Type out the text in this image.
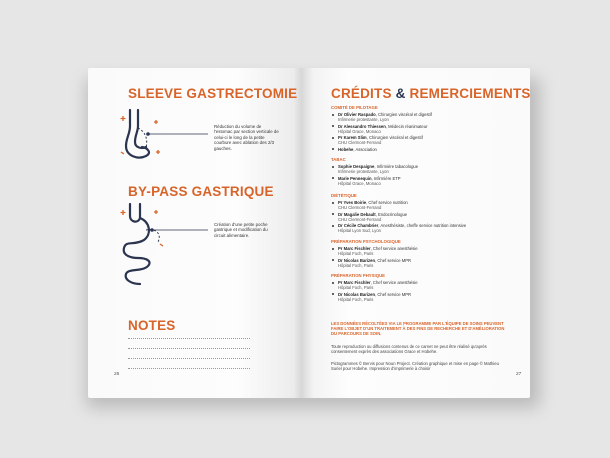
SLEEVE GASTRECTOMIE
Réduction du volume de l'estomac par section verticale de celui-ci le long de la petite courbure avec ablation des 2/3 gauches.
BY-PASS GASTRIQUE
Création d'une petite poche gastrique et modification du circuit alimentaire.
NOTES
26
CRÉDITS & REMERCIEMENTS
COMITÉ DE PILOTAGE
Dr Olivier Raspado, Chirurgien viscéral et digestif
Infirmerie protestante, Lyon
Dr Alessandro Thiessen, Médecin réanimateur
Hôpital Grace, Monaco
Pr Karem Slim, Chirurgien viscéral et digestif
CHU Clermont-Ferrand
Hobehe, Association
TABAC
Sophie Despaigne, Infirmière tabacologue
Infirmerie protestante, Lyon
Marie Pennequin, Infirmière ETP
Hôpital Grace, Monaco
DIÉTÉTIQUE
Pr Yves Boirie, Chef service nutrition
CHU Clermont-Ferrand
Dr Magalie Debault, Endocrinologue
CHU Clermont-Ferrand
Dr Cécile Chambrier, Anesthésiste, cheffe service nutrition intensive
Hôpital Lyon Sud, Lyon
PRÉPARATION PSYCHOLOGIQUE
Pr Marc Fischler, Chef service anesthésie
Hôpital Foch, Paris
Dr Nicolas Barizen, Chef service MPR
Hôpital Foch, Paris
PRÉPARATION PHYSIQUE
Pr Marc Fischler, Chef service anesthésie
Hôpital Foch, Paris
Dr Nicolas Barizen, Chef service MPR
Hôpital Foch, Paris
LES DONNÉES RÉCOLTÉES VIA LE PROGRAMME PAR L'ÉQUIPE DE SOINS PEUVENT FAIRE L'OBJET D'UN TRAITEMENT À DES FINS DE RECHERCHE ET D'AMÉLIORATION DU PARCOURS DE SOIN.
Toute reproduction ou diffusions contenus de ce carnet ne peut être réalisé qu'après consentement exprès des associations Grace et Hobehe.
Pictogrammes © Bervis pour Noun Project. Création graphique et mise en page © Mathieu Suriel pour Hobehe. Impression d'imprimerie à choisir
27
